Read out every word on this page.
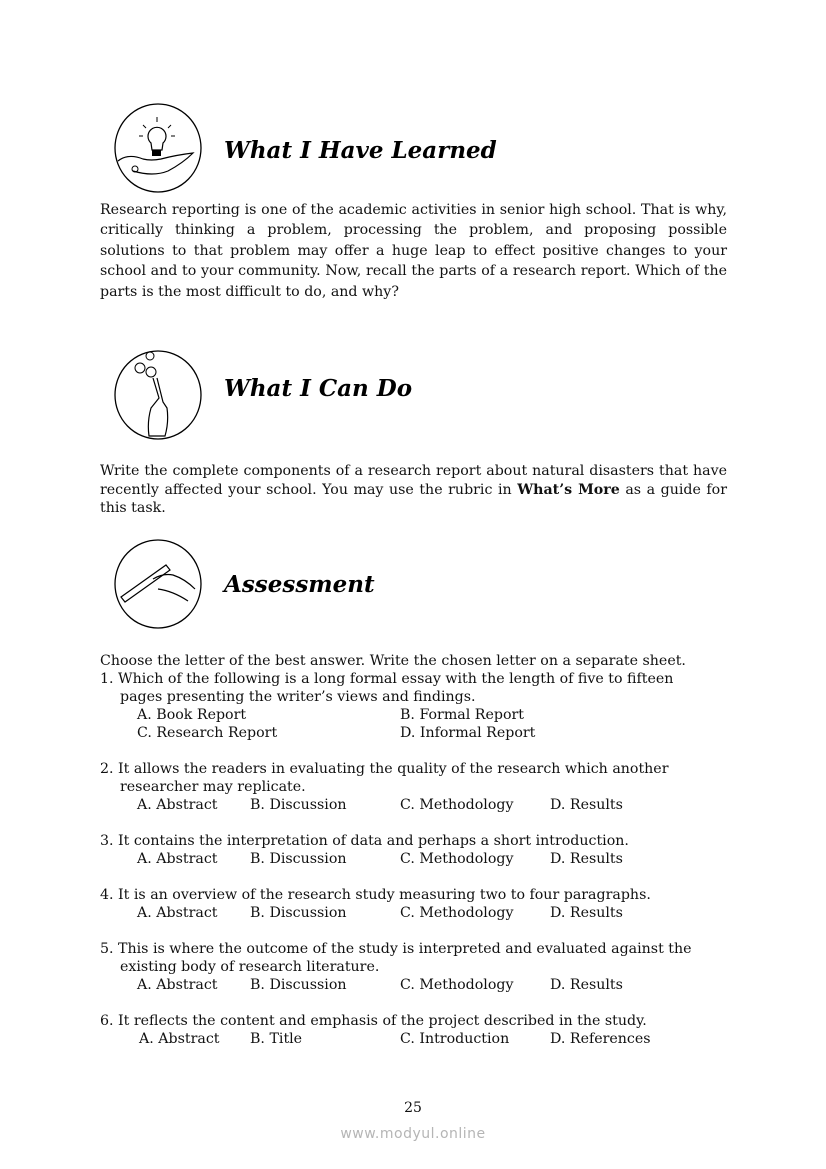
What I Have Learned
Research reporting is one of the academic activities in senior high school. That is why, critically thinking a problem, processing the problem, and proposing possible solutions to that problem may offer a huge leap to effect positive changes to your school and to your community. Now, recall the parts of a research report. Which of the parts is the most difficult to do, and why?
What I Can Do
Write the complete components of a research report about natural disasters that have recently affected your school. You may use the rubric in What’s More as a guide for this task.
Assessment
Choose the letter of the best answer. Write the chosen letter on a separate sheet.
1. Which of the following is a long formal essay with the length of five to fifteen
pages presenting the writer’s views and findings.
A. Book Report	B. Formal Report
C. Research Report	D. Informal Report
2. It allows the readers in evaluating the quality of the research which another
researcher may replicate.
A. Abstract B. Discussion	C. Methodology	D. Results
3. It contains the interpretation of data and perhaps a short introduction.
A. Abstract B. Discussion	C. Methodology	D. Results
4. It is an overview of the research study measuring two to four paragraphs.
A. Abstract B. Discussion	C. Methodology	D. Results
5. This is where the outcome of the study is interpreted and evaluated against the
existing body of research literature.
A. Abstract B. Discussion	C. Methodology	D. Results
6. It reflects the content and emphasis of the project described in the study.
A. Abstract B. Title	C. Introduction	D. References
25
www.modyul.online
